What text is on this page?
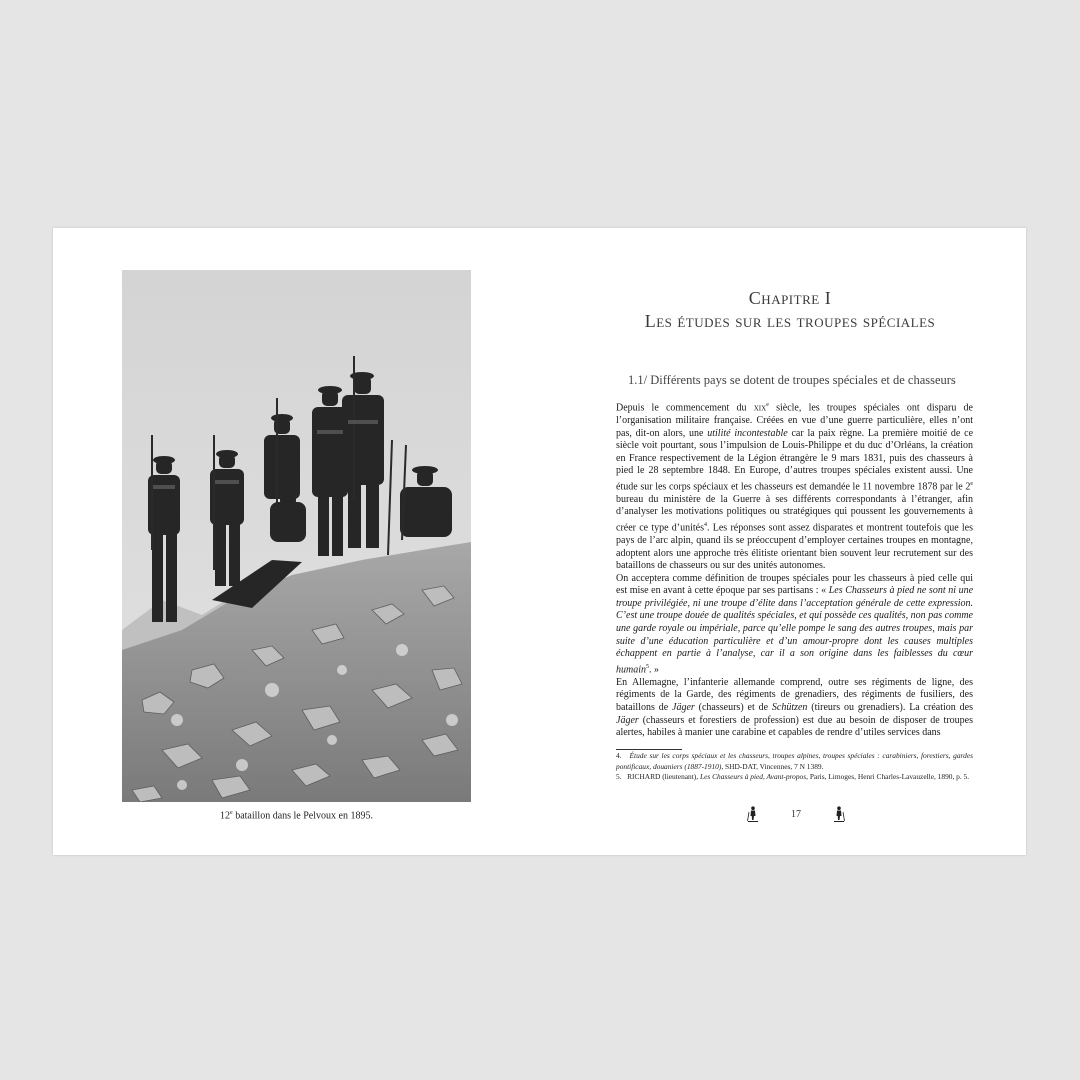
12e bataillon dans le Pelvoux en 1895.
Chapitre I
Les études sur les troupes spéciales
1.1/ Différents pays se dotent de troupes spéciales et de chasseurs

Depuis le commencement du xix$^e$ siècle, les troupes spéciales ont disparu de l’organisation militaire française. Créées en vue d’une guerre particulière, elles n’ont pas, dit-on alors, une utilité incontestable car la paix règne. La première moitié de ce siècle voit pourtant, sous l’impulsion de Louis-Philippe et du duc d’Orléans, la création en France respectivement de la Légion étrangère le 9 mars 1831, puis des chasseurs à pied le 28 septembre 1848. En Europe, d’autres troupes spéciales existent aussi. Une étude sur les corps spéciaux et les chasseurs est demandée le 11 novembre 1878 par le 2e bureau du ministère de la Guerre à ses différents correspondants à l’étranger, afin d’analyser les motivations politiques ou stratégiques qui poussent les gouvernements à créer ce type d’unités$^4$. Les réponses sont assez disparates et montrent toutefois que les pays de l’arc alpin, quand ils se préoccupent d’employer certaines troupes en montagne, adoptent alors une approche très élitiste orientant bien souvent leur recrutement sur des bataillons de chasseurs ou sur des unités autonomes.

On acceptera comme définition de troupes spéciales pour les chasseurs à pied celle qui est mise en avant à cette époque par ses partisans : « Les Chasseurs à pied ne sont ni une troupe privilégiée, ni une troupe d’élite dans l’acceptation générale de cette expression. C’est une troupe douée de qualités spéciales, et qui possède ces qualités, non pas comme une garde royale ou impériale, parce qu’elle pompe le sang des autres troupes, mais par suite d’une éducation particulière et d’un amour-propre dont les causes multiples échappent en partie à l’analyse, car il a son origine dans les faiblesses du cœur humain$^5$. »

En Allemagne, l’infanterie allemande comprend, outre ses régiments de ligne, des régiments de la Garde, des régiments de grenadiers, des régiments de fusiliers, des bataillons de Jäger (chasseurs) et de Schützen (tireurs ou grenadiers). La création des Jäger (chasseurs et forestiers de profession) est due au besoin de disposer de troupes alertes, habiles à manier une carabine et capables de rendre d’utiles services dans

4. Étude sur les corps spéciaux et les chasseurs, troupes alpines, troupes spéciales : carabiniers, forestiers, gardes pontificaux, douaniers (1887-1910), SHD-DAT, Vincennes, 7 N 1389.

5. RICHARD (lieutenant), Les Chasseurs à pied, Avant-propos, Paris, Limoges, Henri Charles-Lavauzelle, 1890, p. 5.

17
